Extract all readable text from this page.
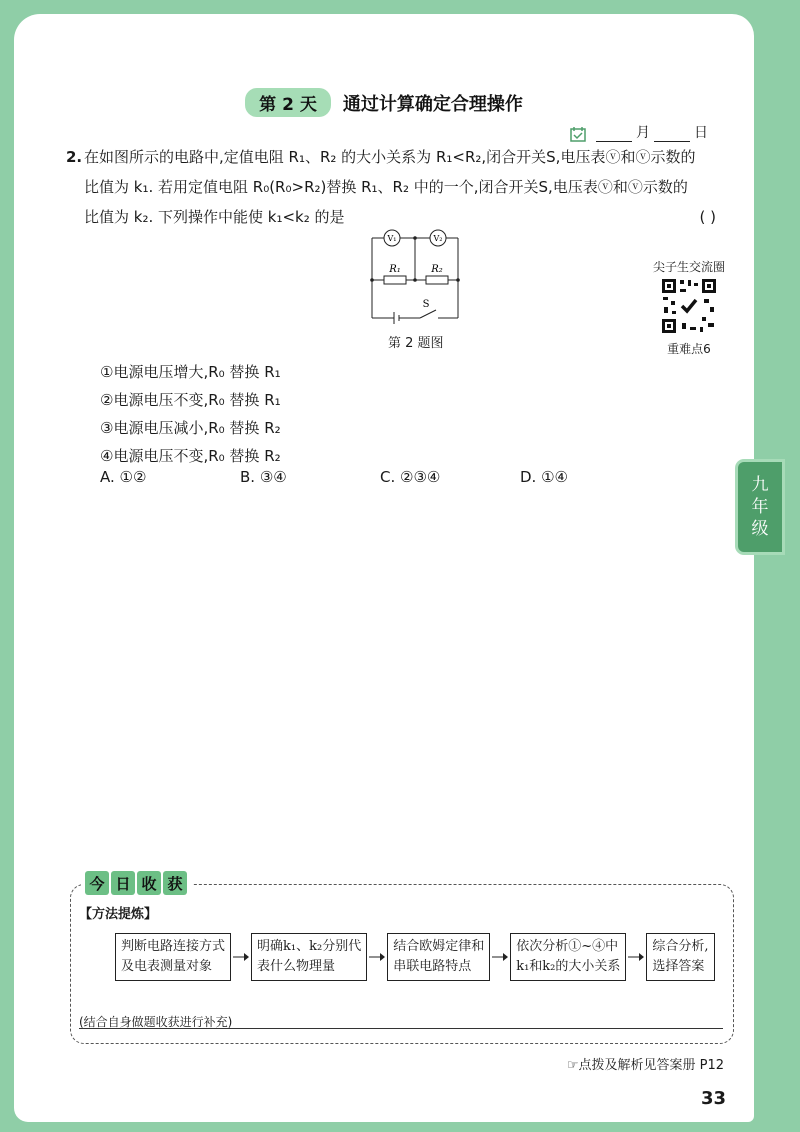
第 2 天	通过计算确定合理操作
月	日
2. 在如图所示的电路中,定值电阻 R₁、R₂ 的大小关系为 R₁<R₂,闭合开关S,电压表ⓥ和ⓥ示数的
比值为 k₁. 若用定值电阻 R₀(R₀>R₂)替换 R₁、R₂ 中的一个,闭合开关S,电压表ⓥ和ⓥ示数的
比值为 k₂. 下列操作中能使 k₁<k₂ 的是	( )
V₁	V₂
R₁	R₂
S
第 2 题图
尖子生交流圈
重难点6
①电源电压增大,R₀ 替换 R₁
②电源电压不变,R₀ 替换 R₁
③电源电压减小,R₀ 替换 R₂
④电源电压不变,R₀ 替换 R₂
A. ①②	B. ③④	C. ②③④	D. ①④
今 日 收 获
【方法提炼】
判断电路连接方式
及电表测量对象
明确k₁、k₂分别代
表什么物理量
结合欧姆定律和
串联电路特点
依次分析①~④中
k₁和k₂的大小关系
综合分析,
选择答案
(结合自身做题收获进行补充)
☞点拨及解析见答案册 P12
33
九
年
级
